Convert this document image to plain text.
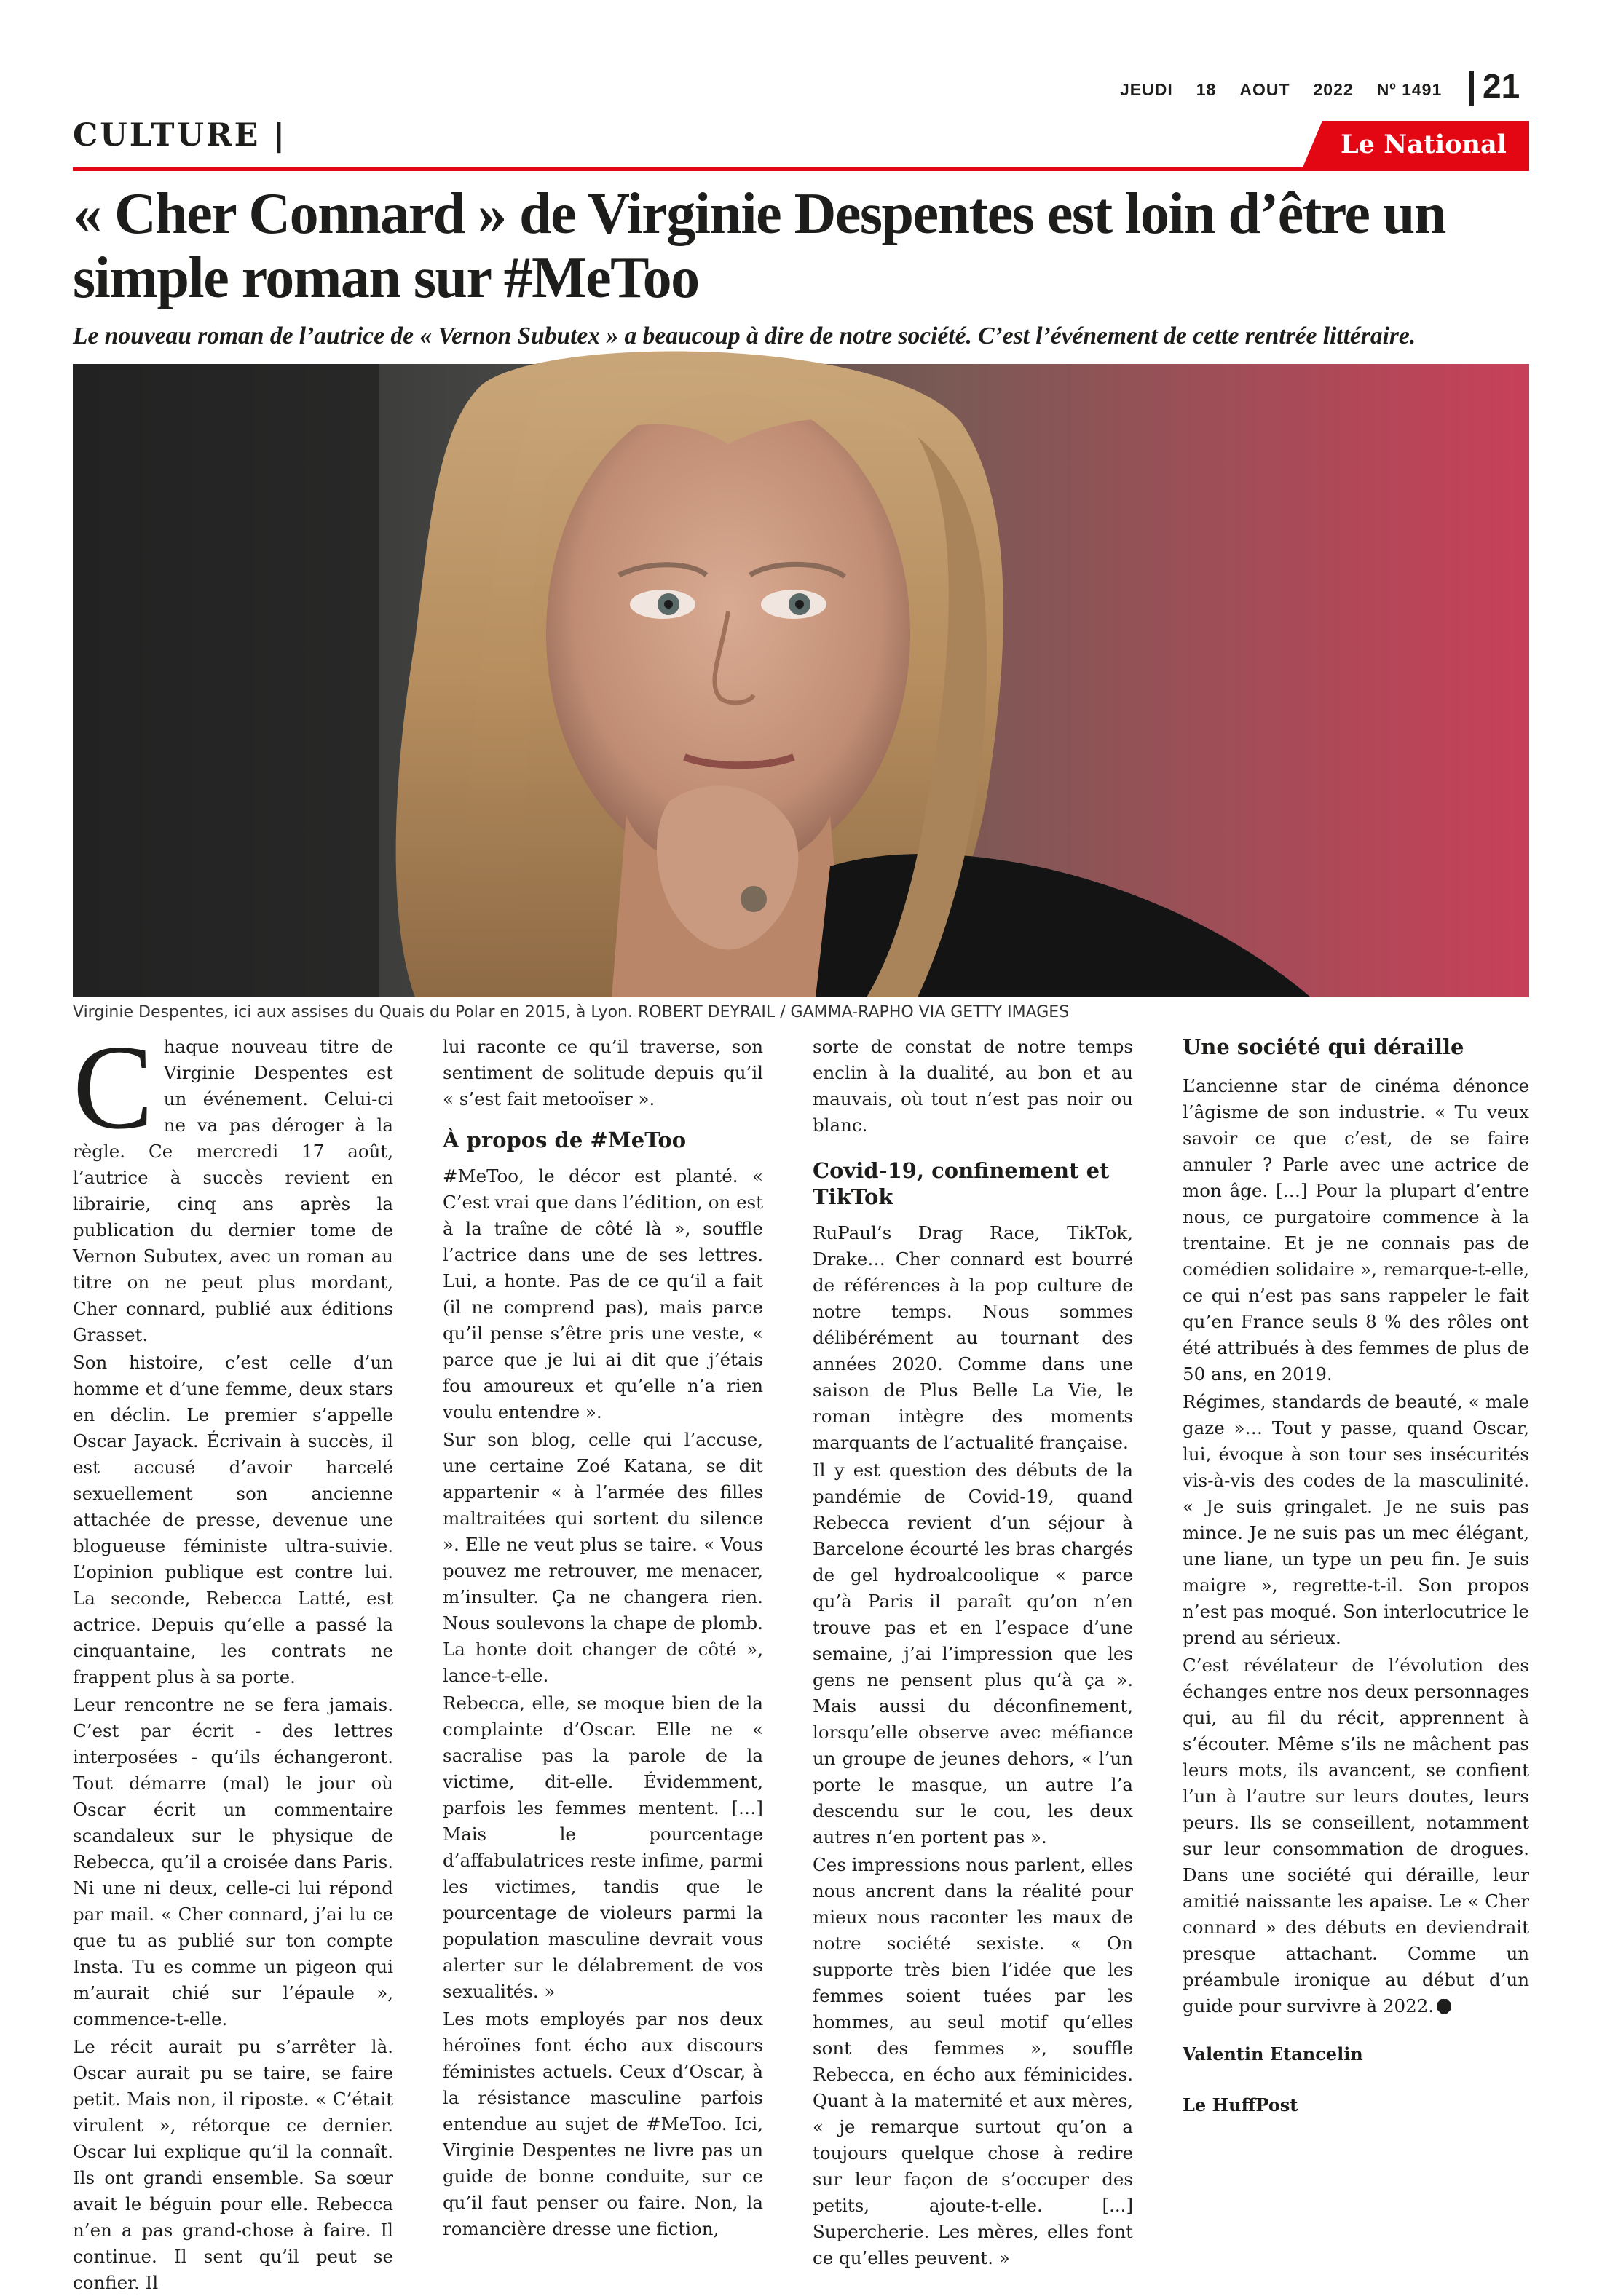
JEUDI 18 AOUT 2022 Nº 1491 21
CULTURE |	Le National
« Cher Connard » de Virginie Despentes est loin d’être un simple roman sur #MeToo

Le nouveau roman de l’autrice de « Vernon Subutex » a beaucoup à dire de notre société. C’est l’événement de cette rentrée littéraire.

Virginie Despentes, ici aux assises du Quais du Polar en 2015, à Lyon. ROBERT DEYRAIL / GAMMA-RAPHO VIA GETTY IMAGES

Chaque nouveau titre de Virginie Despentes est un événement. Celui-ci ne va pas déroger à la règle. Ce mercredi 17 août, l’autrice à succès revient en librairie, cinq ans après la publication du dernier tome de Vernon Subutex, avec un roman au titre on ne peut plus mordant, Cher connard, publié aux éditions Grasset.

Son histoire, c’est celle d’un homme et d’une femme, deux stars en déclin. Le premier s’appelle Oscar Jayack. Écrivain à succès, il est accusé d’avoir harcelé sexuellement son ancienne attachée de presse, devenue une blogueuse féministe ultra-suivie. L’opinion publique est contre lui. La seconde, Rebecca Latté, est actrice. Depuis qu’elle a passé la cinquantaine, les contrats ne frappent plus à sa porte.

Leur rencontre ne se fera jamais. C’est par écrit - des lettres interposées - qu’ils échangeront. Tout démarre (mal) le jour où Oscar écrit un commentaire scandaleux sur le physique de Rebecca, qu’il a croisée dans Paris. Ni une ni deux, celle-ci lui répond par mail. « Cher connard, j’ai lu ce que tu as publié sur ton compte Insta. Tu es comme un pigeon qui m’aurait chié sur l’épaule », commence-t-elle.

Le récit aurait pu s’arrêter là. Oscar aurait pu se taire, se faire petit. Mais non, il riposte. « C’était virulent », rétorque ce dernier. Oscar lui explique qu’il la connaît. Ils ont grandi ensemble. Sa sœur avait le béguin pour elle. Rebecca n’en a pas grand-chose à faire. Il continue. Il sent qu’il peut se confier. Il

lui raconte ce qu’il traverse, son sentiment de solitude depuis qu’il « s’est fait metooïser ».

À propos de #MeToo

#MeToo, le décor est planté. « C’est vrai que dans l’édition, on est à la traîne de côté là », souffle l’actrice dans une de ses lettres. Lui, a honte. Pas de ce qu’il a fait (il ne comprend pas), mais parce qu’il pense s’être pris une veste, « parce que je lui ai dit que j’étais fou amoureux et qu’elle n’a rien voulu entendre ».

Sur son blog, celle qui l’accuse, une certaine Zoé Katana, se dit appartenir « à l’armée des filles maltraitées qui sortent du silence ». Elle ne veut plus se taire. « Vous pouvez me retrouver, me menacer, m’insulter. Ça ne changera rien. Nous soulevons la chape de plomb. La honte doit changer de côté », lance-t-elle.

Rebecca, elle, se moque bien de la complainte d’Oscar. Elle ne « sacralise pas la parole de la victime, dit-elle. Évidemment, parfois les femmes mentent. […] Mais le pourcentage d’affabulatrices reste infime, parmi les victimes, tandis que le pourcentage de violeurs parmi la population masculine devrait vous alerter sur le délabrement de vos sexualités. »

Les mots employés par nos deux héroïnes font écho aux discours féministes actuels. Ceux d’Oscar, à la résistance masculine parfois entendue au sujet de #MeToo. Ici, Virginie Despentes ne livre pas un guide de bonne conduite, sur ce qu’il faut penser ou faire. Non, la romancière dresse une fiction,

sorte de constat de notre temps enclin à la dualité, au bon et au mauvais, où tout n’est pas noir ou blanc.

Covid-19, confinement et TikTok

RuPaul’s Drag Race, TikTok, Drake… Cher connard est bourré de références à la pop culture de notre temps. Nous sommes délibérément au tournant des années 2020. Comme dans une saison de Plus Belle La Vie, le roman intègre des moments marquants de l’actualité française.

Il y est question des débuts de la pandémie de Covid-19, quand Rebecca revient d’un séjour à Barcelone écourté les bras chargés de gel hydroalcoolique « parce qu’à Paris il paraît qu’on n’en trouve pas et en l’espace d’une semaine, j’ai l’impression que les gens ne pensent plus qu’à ça ». Mais aussi du déconfinement, lorsqu’elle observe avec méfiance un groupe de jeunes dehors, « l’un porte le masque, un autre l’a descendu sur le cou, les deux autres n’en portent pas ».

Ces impressions nous parlent, elles nous ancrent dans la réalité pour mieux nous raconter les maux de notre société sexiste. « On supporte très bien l’idée que les femmes soient tuées par les hommes, au seul motif qu’elles sont des femmes », souffle Rebecca, en écho aux féminicides. Quant à la maternité et aux mères, « je remarque surtout qu’on a toujours quelque chose à redire sur leur façon de s’occuper des petits, ajoute-t-elle. [...] Supercherie. Les mères, elles font ce qu’elles peuvent. »

Une société qui déraille

L’ancienne star de cinéma dénonce l’âgisme de son industrie. « Tu veux savoir ce que c’est, de se faire annuler ? Parle avec une actrice de mon âge. […] Pour la plupart d’entre nous, ce purgatoire commence à la trentaine. Et je ne connais pas de comédien solidaire », remarque-t-elle, ce qui n’est pas sans rappeler le fait qu’en France seuls 8 % des rôles ont été attribués à des femmes de plus de 50 ans, en 2019.

Régimes, standards de beauté, « male gaze »… Tout y passe, quand Oscar, lui, évoque à son tour ses insécurités vis-à-vis des codes de la masculinité. « Je suis gringalet. Je ne suis pas mince. Je ne suis pas un mec élégant, une liane, un type un peu fin. Je suis maigre », regrette-t-il. Son propos n’est pas moqué. Son interlocutrice le prend au sérieux.

C’est révélateur de l’évolution des échanges entre nos deux personnages qui, au fil du récit, apprennent à s’écouter. Même s’ils ne mâchent pas leurs mots, ils avancent, se confient l’un à l’autre sur leurs doutes, leurs peurs. Ils se conseillent, notamment sur leur consommation de drogues. Dans une société qui déraille, leur amitié naissante les apaise. Le « Cher connard » des débuts en deviendrait presque attachant. Comme un préambule ironique au début d’un guide pour survivre à 2022.

Valentin Etancelin
Le HuffPost
